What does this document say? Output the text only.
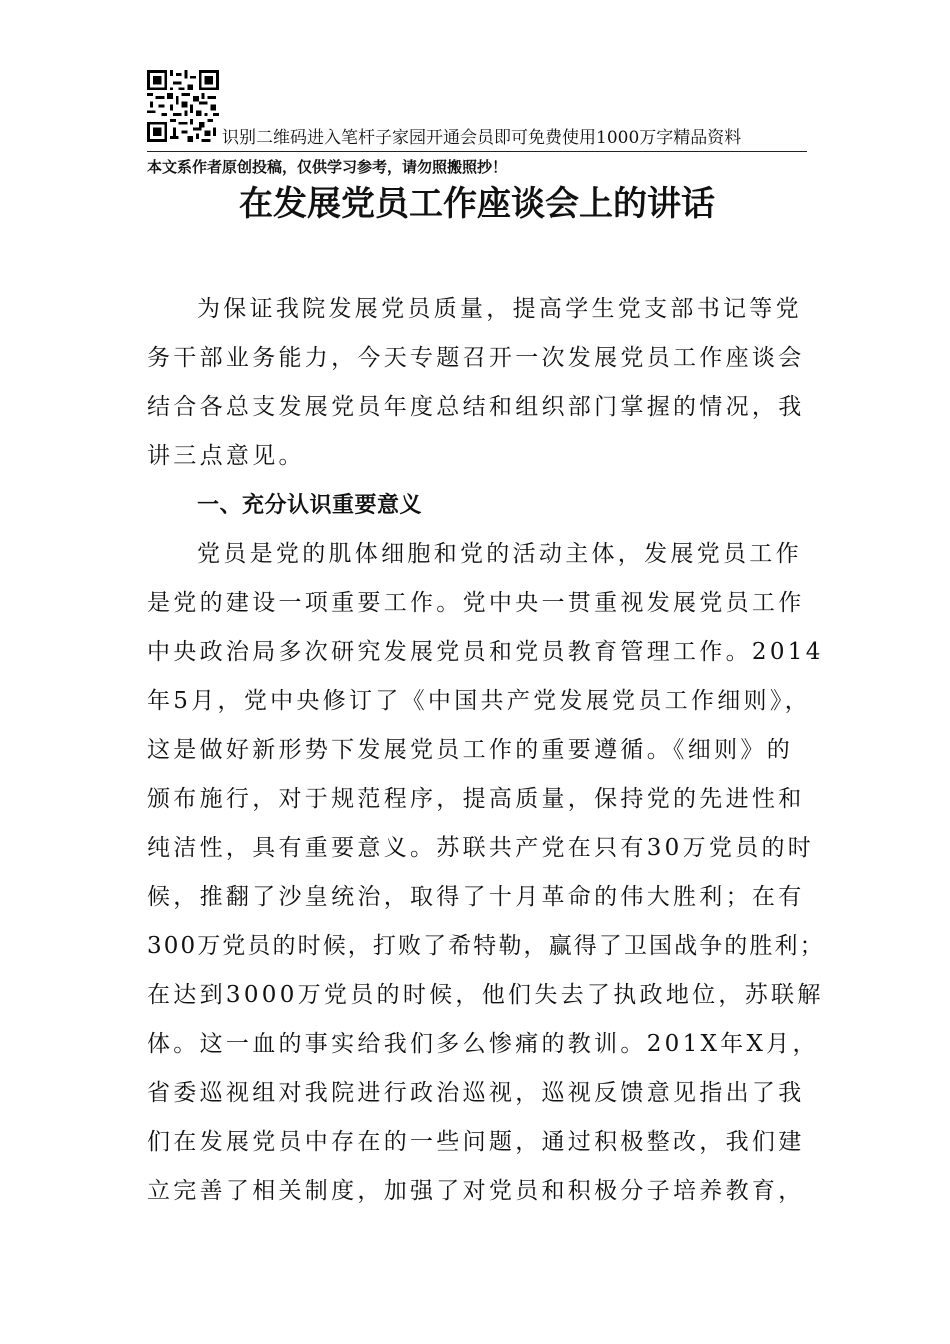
识别二维码进入笔杆子家园开通会员即可免费使用1000万字精品资料
本文系作者原创投稿，仅供学习参考，请勿照搬照抄！
在发展党员工作座谈会上的讲话
为保证我院发展党员质量，提高学生党支部书记等党
务干部业务能力，今天专题召开一次发展党员工作座谈会
结合各总支发展党员年度总结和组织部门掌握的情况，我
讲三点意见。
一、充分认识重要意义
党员是党的肌体细胞和党的活动主体，发展党员工作
是党的建设一项重要工作。党中央一贯重视发展党员工作
中央政治局多次研究发展党员和党员教育管理工作。2014
年5月，党中央修订了《中国共产党发展党员工作细则》，
这是做好新形势下发展党员工作的重要遵循。《细则》的
颁布施行，对于规范程序，提高质量，保持党的先进性和
纯洁性，具有重要意义。苏联共产党在只有30万党员的时
候，推翻了沙皇统治，取得了十月革命的伟大胜利；在有
300万党员的时候，打败了希特勒，赢得了卫国战争的胜利；
在达到3000万党员的时候，他们失去了执政地位，苏联解
体。这一血的事实给我们多么惨痛的教训。201X年X月，
省委巡视组对我院进行政治巡视，巡视反馈意见指出了我
们在发展党员中存在的一些问题，通过积极整改，我们建
立完善了相关制度，加强了对党员和积极分子培养教育，
